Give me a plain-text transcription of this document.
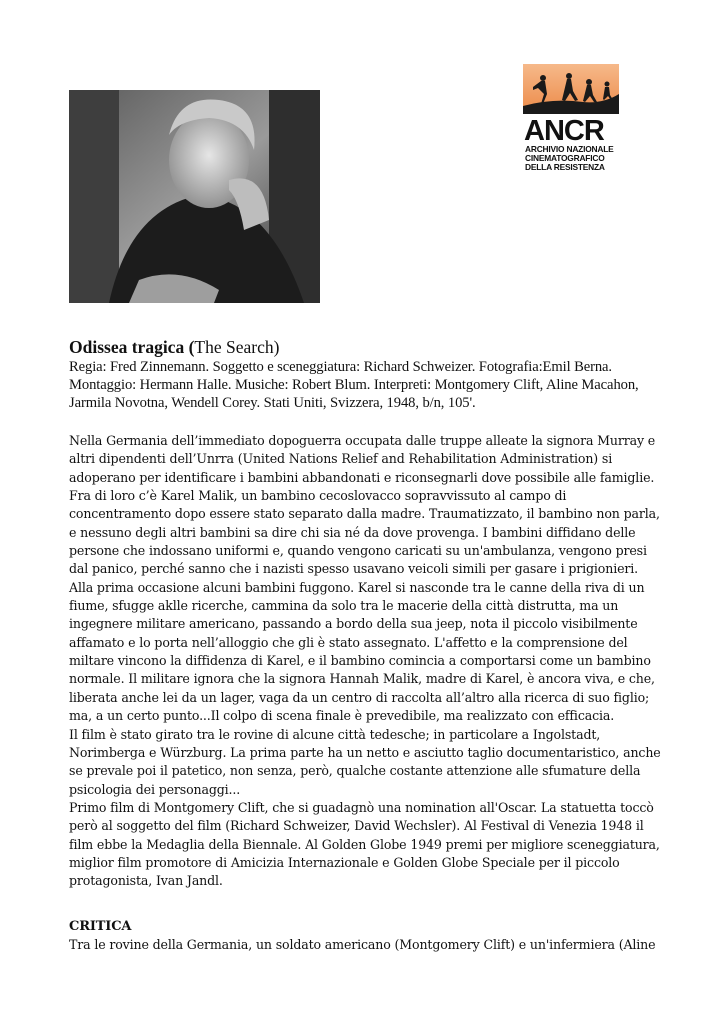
ANCR
ARCHIVIO NAZIONALE
CINEMATOGRAFICO
DELLA RESISTENZA

Odissea tragica (The Search)

Regia: Fred Zinnemann. Soggetto e sceneggiatura: Richard Schweizer. Fotografia:Emil Berna. Montaggio: Hermann Halle. Musiche: Robert Blum. Interpreti: Montgomery Clift, Aline Macahon, Jarmila Novotna, Wendell Corey. Stati Uniti, Svizzera, 1948, b/n, 105'.

Nella Germania dell’immediato dopoguerra occupata dalle truppe alleate la signora Murray e altri dipendenti dell’Unrra (United Nations Relief and Rehabilitation Administration) si adoperano per identificare i bambini abbandonati e riconsegnarli dove possibile alle famiglie. Fra di loro c’è Karel Malik, un bambino cecoslovacco sopravvissuto al campo di concentramento dopo essere stato separato dalla madre. Traumatizzato, il bambino non parla, e nessuno degli altri bambini sa dire chi sia né da dove provenga. I bambini diffidano delle persone che indossano uniformi e, quando vengono caricati su un'ambulanza, vengono presi dal panico, perché sanno che i nazisti spesso usavano veicoli simili per gasare i prigionieri. Alla prima occasione alcuni bambini fuggono. Karel si nasconde tra le canne della riva di un fiume, sfugge aklle ricerche, cammina da solo tra le macerie della città distrutta, ma un ingegnere militare americano, passando a bordo della sua jeep, nota il piccolo visibilmente affamato e lo porta nell’alloggio che gli è stato assegnato. L'affetto e la comprensione del miltare vincono la diffidenza di Karel, e il bambino comincia a comportarsi come un bambino normale. Il militare ignora che la signora Hannah Malik, madre di Karel, è ancora viva, e che, liberata anche lei da un lager, vaga da un centro di raccolta all’altro alla ricerca di suo figlio; ma, a un certo punto...Il colpo di scena finale è prevedibile, ma realizzato con efficacia.

Il film è stato girato tra le rovine di alcune città tedesche; in particolare a Ingolstadt, Norimberga e Würzburg. La prima parte ha un netto e asciutto taglio documentaristico, anche se prevale poi il patetico, non senza, però, qualche costante attenzione alle sfumature della psicologia dei personaggi...

Primo film di Montgomery Clift, che si guadagnò una nomination all'Oscar. La statuetta toccò però al soggetto del film (Richard Schweizer, David Wechsler). Al Festival di Venezia 1948 il film ebbe la Medaglia della Biennale. Al Golden Globe 1949 premi per migliore sceneggiatura, miglior film promotore di Amicizia Internazionale e Golden Globe Speciale per il piccolo protagonista, Ivan Jandl.

CRITICA

Tra le rovine della Germania, un soldato americano (Montgomery Clift) e un'infermiera (Aline
